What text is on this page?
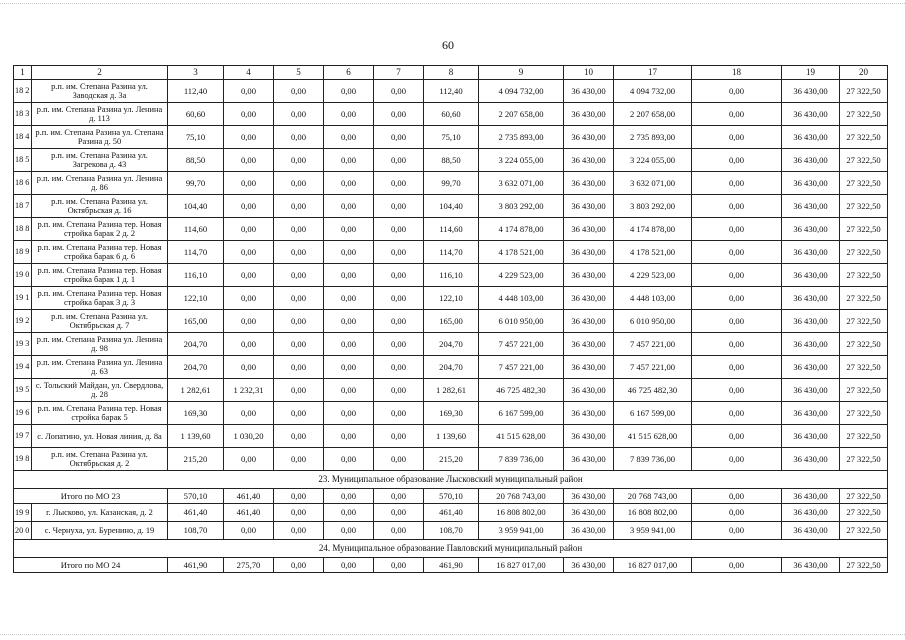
60
1	2	3	4	5	6	7	8	9	10	17	18	19	20
18 2	р.п. им. Степана Разина ул. Заводская д. 3а	112,40	0,00	0,00	0,00	0,00	112,40	4 094 732,00	36 430,00	4 094 732,00	0,00	36 430,00	27 322,50
18 3	р.п. им. Степана Разина ул. Ленина д. 113	60,60	0,00	0,00	0,00	0,00	60,60	2 207 658,00	36 430,00	2 207 658,00	0,00	36 430,00	27 322,50
18 4	р.п. им. Степана Разина ул. Степана Разина д. 50	75,10	0,00	0,00	0,00	0,00	75,10	2 735 893,00	36 430,00	2 735 893,00	0,00	36 430,00	27 322,50
18 5	р.п. им. Степана Разина ул. Загрекова д. 43	88,50	0,00	0,00	0,00	0,00	88,50	3 224 055,00	36 430,00	3 224 055,00	0,00	36 430,00	27 322,50
18 6	р.п. им. Степана Разина ул. Ленина д. 86	99,70	0,00	0,00	0,00	0,00	99,70	3 632 071,00	36 430,00	3 632 071,00	0,00	36 430,00	27 322,50
18 7	р.п. им. Степана Разина ул. Октябрьская д. 16	104,40	0,00	0,00	0,00	0,00	104,40	3 803 292,00	36 430,00	3 803 292,00	0,00	36 430,00	27 322,50
18 8	р.п. им. Степана Разина тер. Новая стройка барак 2 д. 2	114,60	0,00	0,00	0,00	0,00	114,60	4 174 878,00	36 430,00	4 174 878,00	0,00	36 430,00	27 322,50
18 9	р.п. им. Степана Разина тер. Новая стройка барак 6 д. 6	114,70	0,00	0,00	0,00	0,00	114,70	4 178 521,00	36 430,00	4 178 521,00	0,00	36 430,00	27 322,50
19 0	р.п. им. Степана Разина тер. Новая стройка барак 1 д. 1	116,10	0,00	0,00	0,00	0,00	116,10	4 229 523,00	36 430,00	4 229 523,00	0,00	36 430,00	27 322,50
19 1	р.п. им. Степана Разина тер. Новая стройка барак 3 д. 3	122,10	0,00	0,00	0,00	0,00	122,10	4 448 103,00	36 430,00	4 448 103,00	0,00	36 430,00	27 322,50
19 2	р.п. им. Степана Разина ул. Октябрьская д. 7	165,00	0,00	0,00	0,00	0,00	165,00	6 010 950,00	36 430,00	6 010 950,00	0,00	36 430,00	27 322,50
19 3	р.п. им. Степана Разина ул. Ленина д. 98	204,70	0,00	0,00	0,00	0,00	204,70	7 457 221,00	36 430,00	7 457 221,00	0,00	36 430,00	27 322,50
19 4	р.п. им. Степана Разина ул. Ленина д. 63	204,70	0,00	0,00	0,00	0,00	204,70	7 457 221,00	36 430,00	7 457 221,00	0,00	36 430,00	27 322,50
19 5	с. Тольский Майдан, ул. Свердлова, д. 28	1 282,61	1 232,31	0,00	0,00	0,00	1 282,61	46 725 482,30	36 430,00	46 725 482,30	0,00	36 430,00	27 322,50
19 6	р.п. им. Степана Разина тер. Новая стройка барак 5	169,30	0,00	0,00	0,00	0,00	169,30	6 167 599,00	36 430,00	6 167 599,00	0,00	36 430,00	27 322,50
19 7	с. Лопатино, ул. Новая линия, д. 8а	1 139,60	1 030,20	0,00	0,00	0,00	1 139,60	41 515 628,00	36 430,00	41 515 628,00	0,00	36 430,00	27 322,50
19 8	р.п. им. Степана Разина ул. Октябрьская д. 2	215,20	0,00	0,00	0,00	0,00	215,20	7 839 736,00	36 430,00	7 839 736,00	0,00	36 430,00	27 322,50
23. Муниципальное образование Лысковский муниципальный район													
Итого по МО 23		570,10	461,40	0,00	0,00	0,00	570,10	20 768 743,00	36 430,00	20 768 743,00	0,00	36 430,00	27 322,50
19 9	г. Лысково, ул. Казанская, д. 2	461,40	461,40	0,00	0,00	0,00	461,40	16 808 802,00	36 430,00	16 808 802,00	0,00	36 430,00	27 322,50
20 0	с. Чернуха, ул. Буренино, д. 19	108,70	0,00	0,00	0,00	0,00	108,70	3 959 941,00	36 430,00	3 959 941,00	0,00	36 430,00	27 322,50
24. Муниципальное образование Павловский муниципальный район													
Итого по МО 24		461,90	275,70	0,00	0,00	0,00	461,90	16 827 017,00	36 430,00	16 827 017,00	0,00	36 430,00	27 322,50
